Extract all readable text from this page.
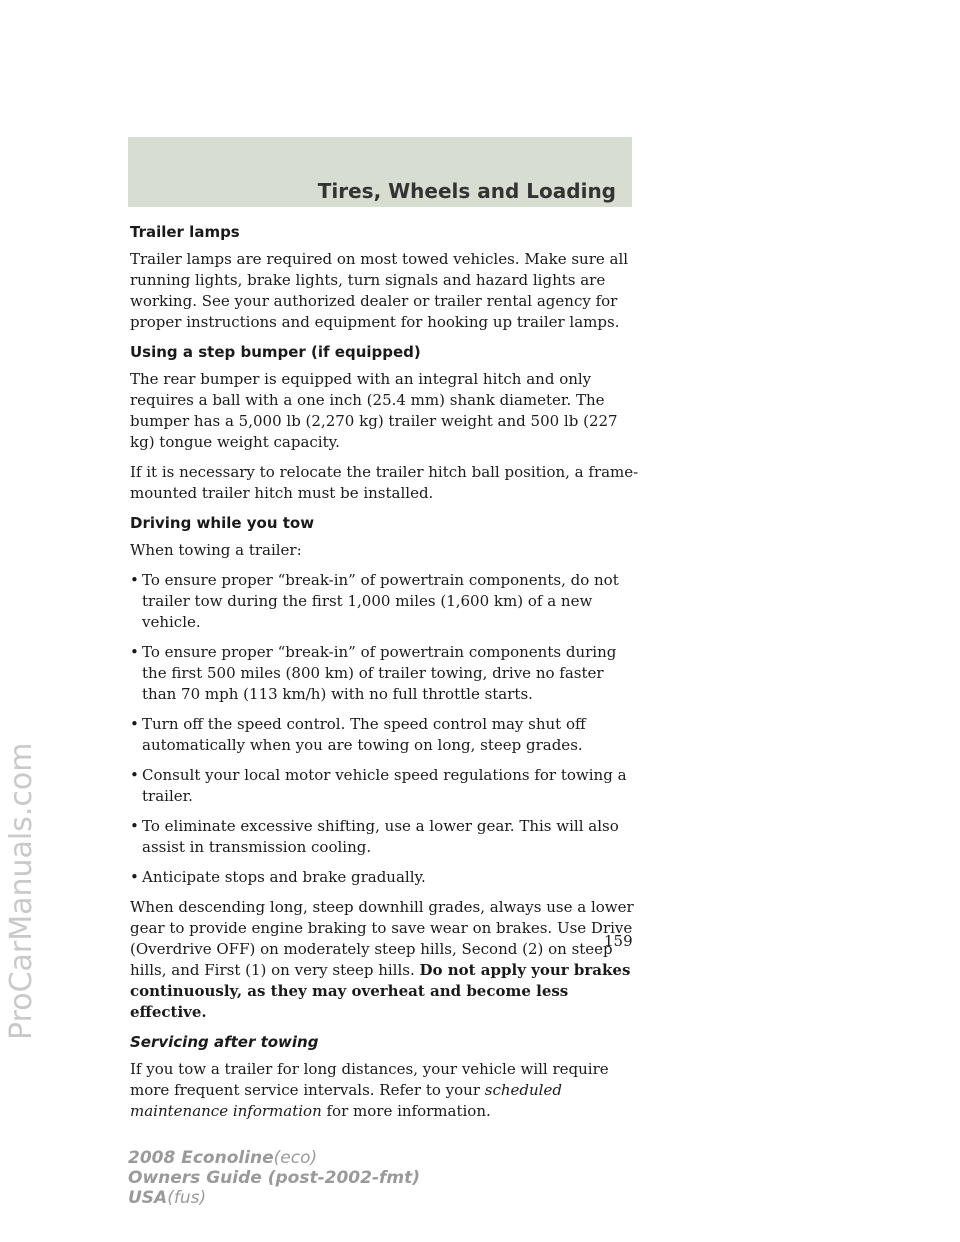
Tires, Wheels and Loading
ProCarManuals.com
Trailer lamps

Trailer lamps are required on most towed vehicles. Make sure all running lights, brake lights, turn signals and hazard lights are working. See your authorized dealer or trailer rental agency for proper instructions and equipment for hooking up trailer lamps.

Using a step bumper (if equipped)

The rear bumper is equipped with an integral hitch and only requires a ball with a one inch (25.4 mm) shank diameter. The bumper has a 5,000 lb (2,270 kg) trailer weight and 500 lb (227 kg) tongue weight capacity.

If it is necessary to relocate the trailer hitch ball position, a frame-mounted trailer hitch must be installed.

Driving while you tow

When towing a trailer:

• To ensure proper “break-in” of powertrain components, do not trailer tow during the first 1,000 miles (1,600 km) of a new vehicle.
• To ensure proper “break-in” of powertrain components during the first 500 miles (800 km) of trailer towing, drive no faster than 70 mph (113 km/h) with no full throttle starts.
• Turn off the speed control. The speed control may shut off automatically when you are towing on long, steep grades.
• Consult your local motor vehicle speed regulations for towing a trailer.
• To eliminate excessive shifting, use a lower gear. This will also assist in transmission cooling.
• Anticipate stops and brake gradually.

When descending long, steep downhill grades, always use a lower gear to provide engine braking to save wear on brakes. Use Drive (Overdrive OFF) on moderately steep hills, Second (2) on steep hills, and First (1) on very steep hills. Do not apply your brakes continuously, as they may overheat and become less effective.

Servicing after towing

If you tow a trailer for long distances, your vehicle will require more frequent service intervals. Refer to your scheduled maintenance information for more information.

159
2008 Econoline(eco)
Owners Guide (post-2002-fmt)
USA(fus)
